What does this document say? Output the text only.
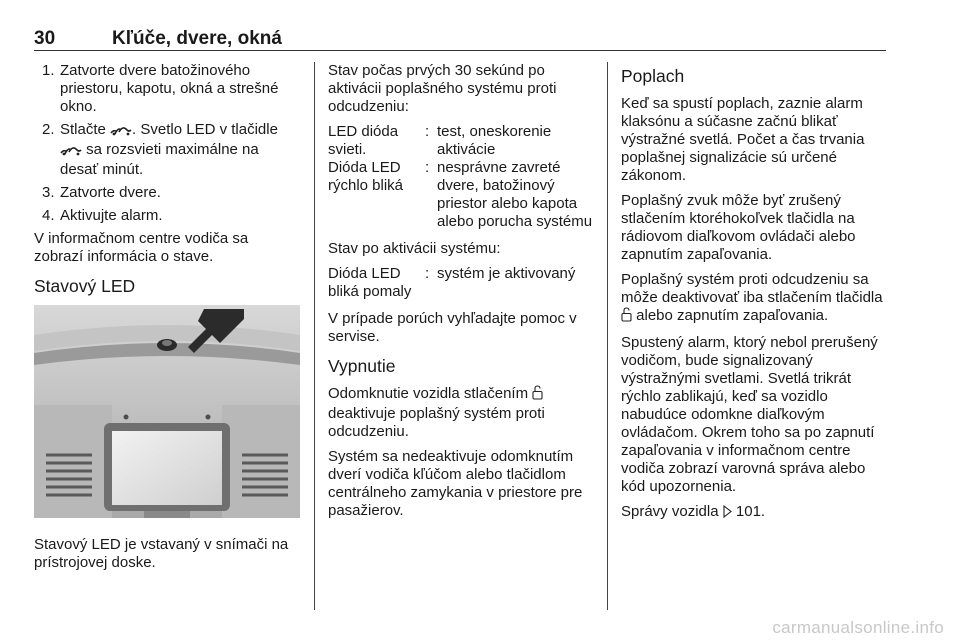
30	Kľúče, dvere, okná
1. Zatvorte dvere batožinového priestoru, kapotu, okná a strešné okno.
2. Stlačte . Svetlo LED v tlačidle  sa rozsvieti maximálne na desať minút.
3. Zatvorte dvere.
4. Aktivujte alarm.

V informačnom centre vodiča sa zobrazí informácia o stave.

Stavový LED

Stavový LED je vstavaný v snímači na prístrojovej doske.

Stav počas prvých 30 sekúnd po aktivácii poplašného systému proti odcudzeniu:

LED dióda svieti.	:	test, oneskorenie aktivácie
Dióda LED rýchlo bliká	:	nesprávne zavreté dvere, batožinový priestor alebo kapota alebo porucha systému

Stav po aktivácii systému:

Dióda LED bliká pomaly	:	systém je aktivovaný

V prípade porúch vyhľadajte pomoc v servise.

Vypnutie

Odomknutie vozidla stlačením  deaktivuje poplašný systém proti odcudzeniu.

Systém sa nedeaktivuje odomknutím dverí vodiča kľúčom alebo tlačidlom centrálneho zamykania v priestore pre pasažierov.

Poplach

Keď sa spustí poplach, zaznie alarm klaksónu a súčasne začnú blikať výstražné svetlá. Počet a čas trvania poplašnej signalizácie sú určené zákonom.

Poplašný zvuk môže byť zrušený stlačením ktoréhokoľvek tlačidla na rádiovom diaľkovom ovládači alebo zapnutím zapaľovania.

Poplašný systém proti odcudzeniu sa môže deaktivovať iba stlačením tlačidla  alebo zapnutím zapaľovania.

Spustený alarm, ktorý nebol prerušený vodičom, bude signalizovaný výstražnými svetlami. Svetlá trikrát rýchlo zablikajú, keď sa vozidlo nabudúce odomkne diaľkovým ovládačom. Okrem toho sa po zapnutí zapaľovania v informačnom centre vodiča zobrazí varovná správa alebo kód upozornenia.

Správy vozidla  101.

carmanualsonline.info
